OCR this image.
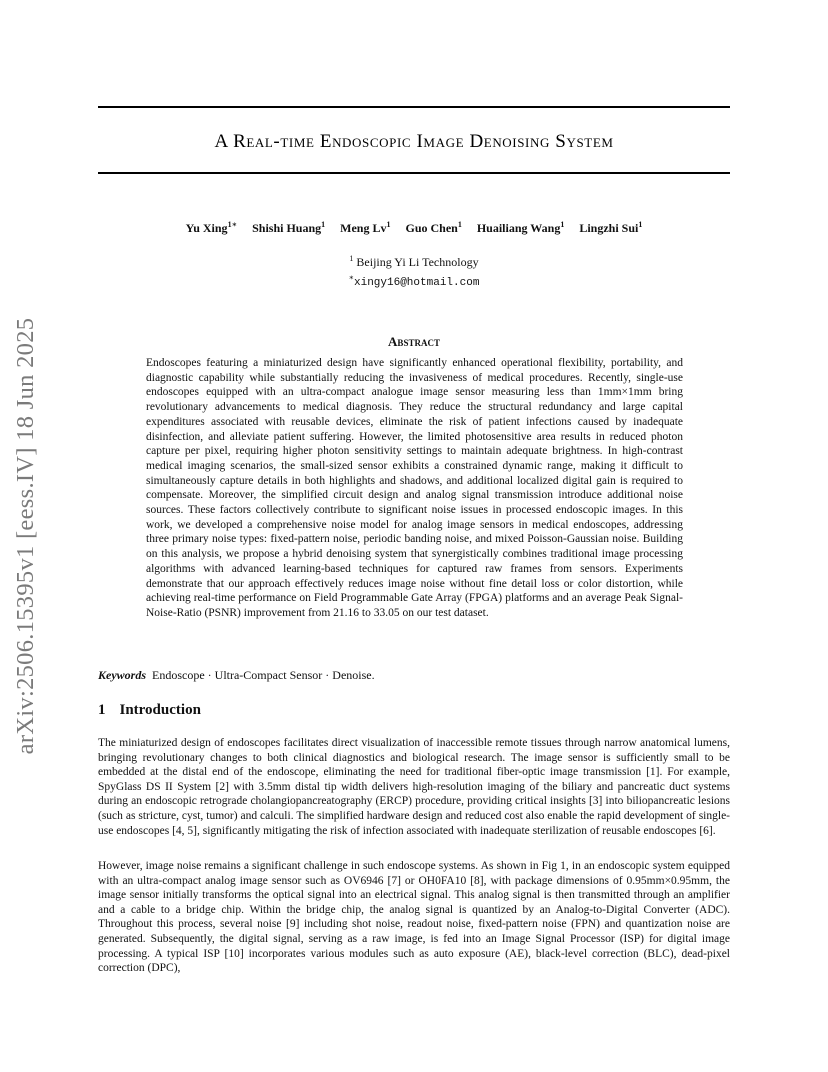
arXiv:2506.15395v1 [eess.IV] 18 Jun 2025
A Real-time Endoscopic Image Denoising System
Yu Xing$^{1∗}$ Shishi Huang$^1$ Meng Lv$^1$ Guo Chen$^1$ Huailiang Wang$^1$ Lingzhi Sui$^1$
$^1$ Beijing Yi Li Technology
∗xingy16@hotmail.com
Abstract
Endoscopes featuring a miniaturized design have significantly enhanced operational flexibility, portability, and diagnostic capability while substantially reducing the invasiveness of medical procedures. Recently, single-use endoscopes equipped with an ultra-compact analogue image sensor measuring less than 1mm×1mm bring revolutionary advancements to medical diagnosis. They reduce the structural redundancy and large capital expenditures associated with reusable devices, eliminate the risk of patient infections caused by inadequate disinfection, and alleviate patient suffering. However, the limited photosensitive area results in reduced photon capture per pixel, requiring higher photon sensitivity settings to maintain adequate brightness. In high-contrast medical imaging scenarios, the small-sized sensor exhibits a constrained dynamic range, making it difficult to simultaneously capture details in both highlights and shadows, and additional localized digital gain is required to compensate. Moreover, the simplified circuit design and analog signal transmission introduce additional noise sources. These factors collectively contribute to significant noise issues in processed endoscopic images. In this work, we developed a comprehensive noise model for analog image sensors in medical endoscopes, addressing three primary noise types: fixed-pattern noise, periodic banding noise, and mixed Poisson-Gaussian noise. Building on this analysis, we propose a hybrid denoising system that synergistically combines traditional image processing algorithms with advanced learning-based techniques for captured raw frames from sensors. Experiments demonstrate that our approach effectively reduces image noise without fine detail loss or color distortion, while achieving real-time performance on Field Programmable Gate Array (FPGA) platforms and an average Peak Signal-Noise-Ratio (PSNR) improvement from 21.16 to 33.05 on our test dataset.
Keywords Endoscope · Ultra-Compact Sensor · Denoise.
1 Introduction
The miniaturized design of endoscopes facilitates direct visualization of inaccessible remote tissues through narrow anatomical lumens, bringing revolutionary changes to both clinical diagnostics and biological research. The image sensor is sufficiently small to be embedded at the distal end of the endoscope, eliminating the need for traditional fiber-optic image transmission [1]. For example, SpyGlass DS II System [2] with 3.5mm distal tip width delivers high-resolution imaging of the biliary and pancreatic duct systems during an endoscopic retrograde cholangiopancreatography (ERCP) procedure, providing critical insights [3] into biliopancreatic lesions (such as stricture, cyst, tumor) and calculi. The simplified hardware design and reduced cost also enable the rapid development of single-use endoscopes [4, 5], significantly mitigating the risk of infection associated with inadequate sterilization of reusable endoscopes [6].
However, image noise remains a significant challenge in such endoscope systems. As shown in Fig 1, in an endoscopic system equipped with an ultra-compact analog image sensor such as OV6946 [7] or OH0FA10 [8], with package dimensions of 0.95mm×0.95mm, the image sensor initially transforms the optical signal into an electrical signal. This analog signal is then transmitted through an amplifier and a cable to a bridge chip. Within the bridge chip, the analog signal is quantized by an Analog-to-Digital Converter (ADC). Throughout this process, several noise [9] including shot noise, readout noise, fixed-pattern noise (FPN) and quantization noise are generated. Subsequently, the digital signal, serving as a raw image, is fed into an Image Signal Processor (ISP) for digital image processing. A typical ISP [10] incorporates various modules such as auto exposure (AE), black-level correction (BLC), dead-pixel correction (DPC),
